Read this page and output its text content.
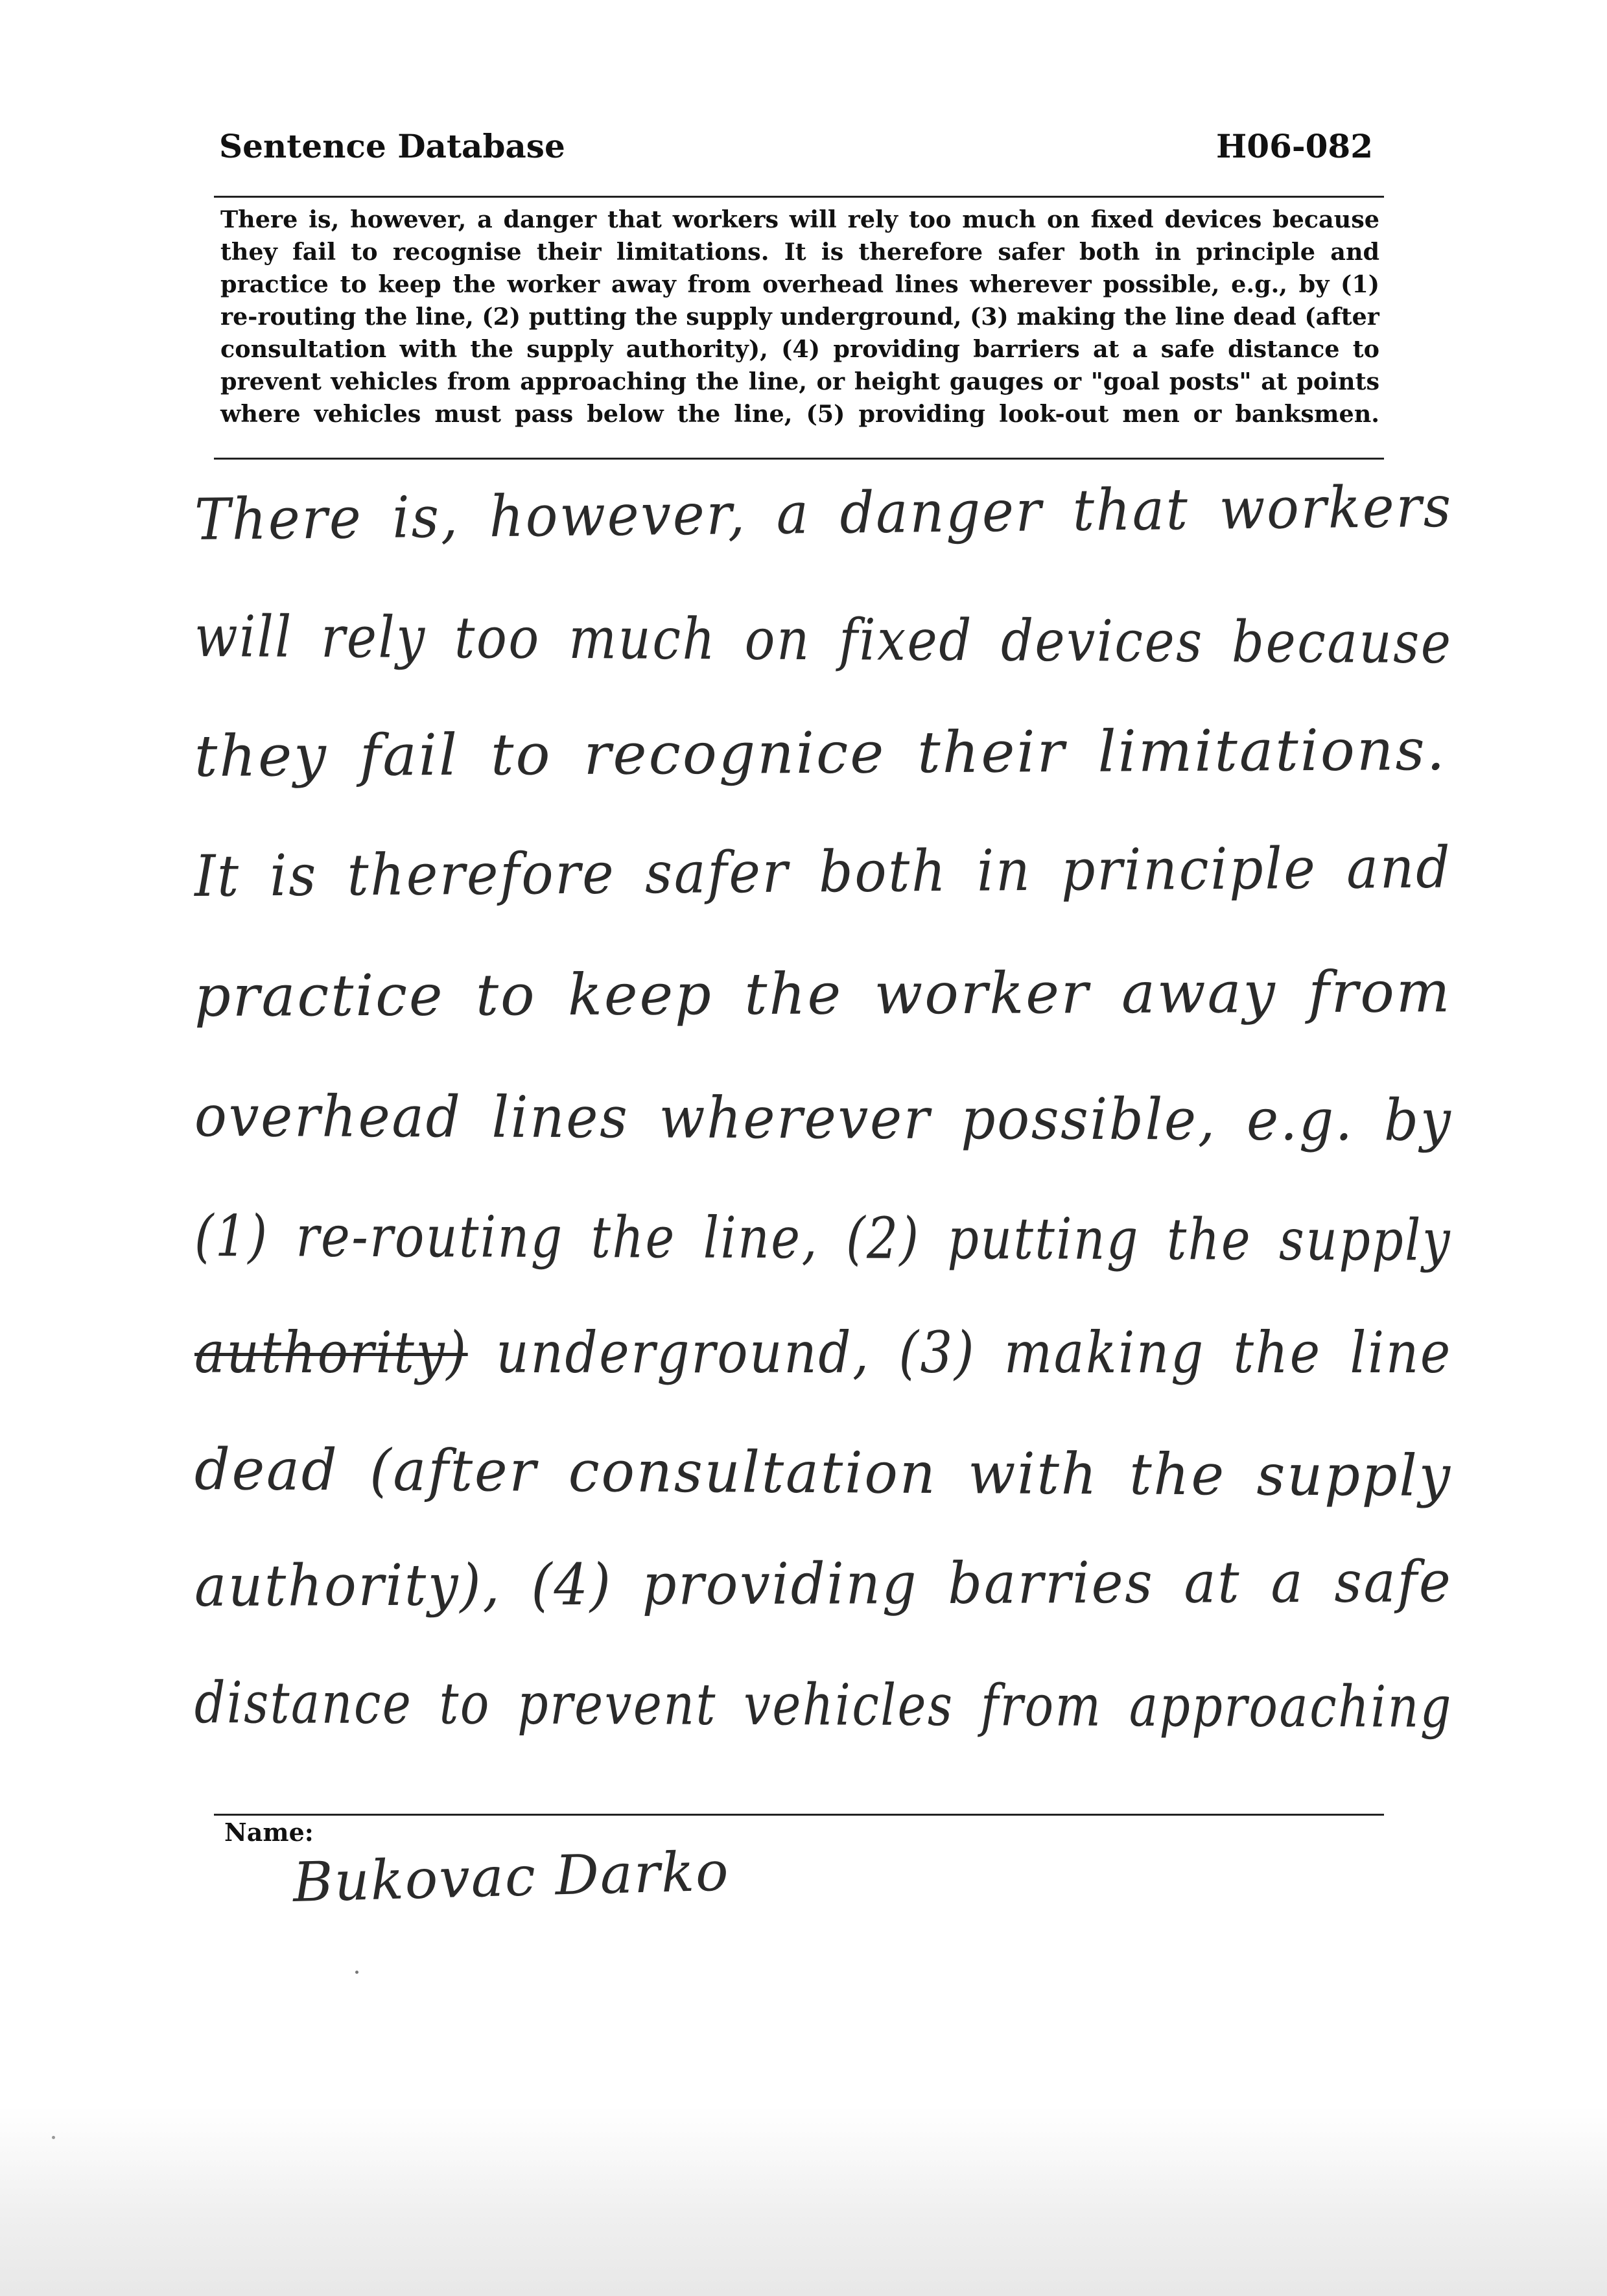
Sentence Database	H06-082
There is, however, a danger that workers will rely too much on fixed devices because
they fail to recognise their limitations. It is therefore safer both in principle and
practice to keep the worker away from overhead lines wherever possible, e.g., by (1)
re-routing the line, (2) putting the supply underground, (3) making the line dead (after
consultation with the supply authority), (4) providing barriers at a safe distance to
prevent vehicles from approaching the line, or height gauges or "goal posts" at points
where vehicles must pass below the line, (5) providing look-out men or banksmen.
There is, however, a danger that workers
will rely too much on fixed devices because
they fail to recognice their limitations.
It is therefore safer both in principle and
practice to keep the worker away from
overhead lines wherever possible, e.g. by
(1) re-routing the line, (2) putting the supply
authority) underground, (3) making the line
dead (after consultation with the supply
authority), (4) providing barries at a safe
distance to prevent vehicles from approaching
Name:
Bukovac Darko
